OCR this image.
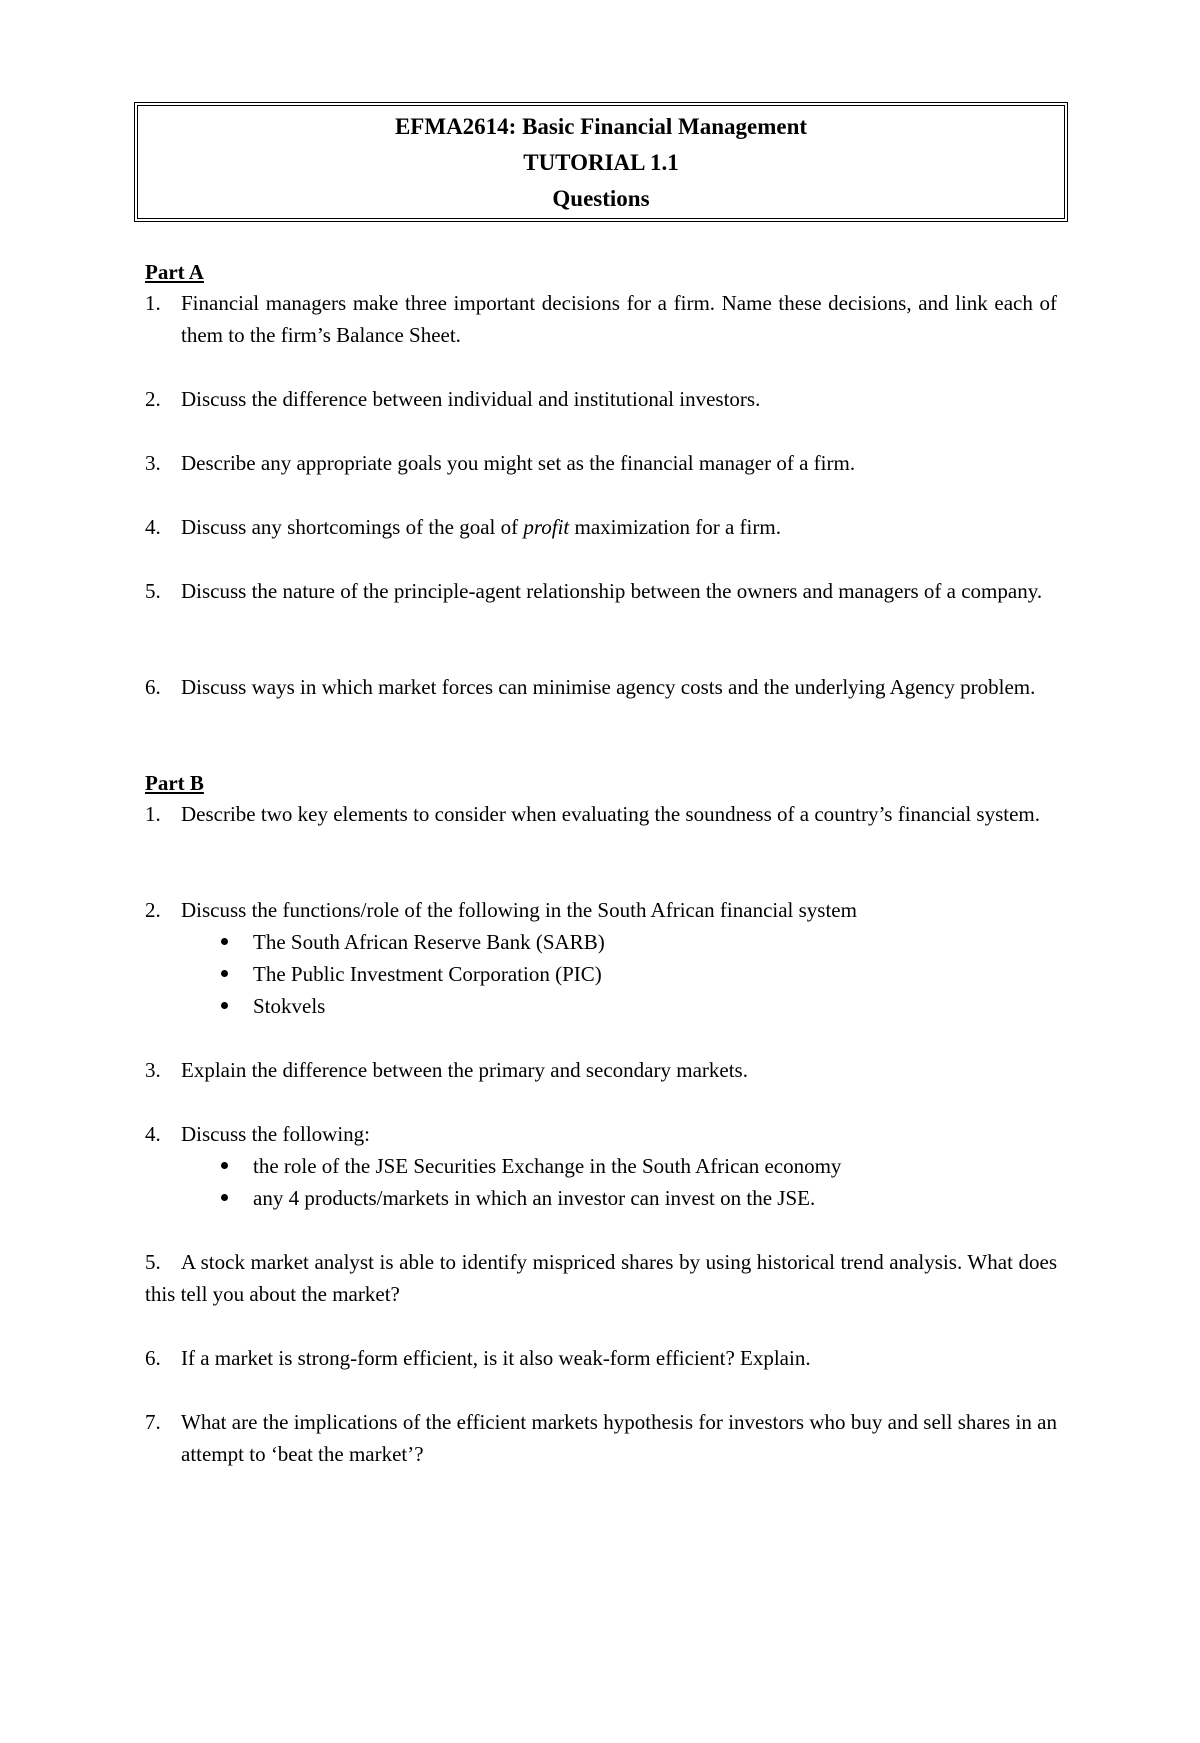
EFMA2614: Basic Financial Management
TUTORIAL 1.1
Questions
Part A
1. Financial managers make three important decisions for a firm. Name these decisions, and link each of them to the firm’s Balance Sheet.
2. Discuss the difference between individual and institutional investors.
3. Describe any appropriate goals you might set as the financial manager of a firm.
4. Discuss any shortcomings of the goal of profit maximization for a firm.
5. Discuss the nature of the principle-agent relationship between the owners and managers of a company.
6. Discuss ways in which market forces can minimise agency costs and the underlying Agency problem.
Part B
1. Describe two key elements to consider when evaluating the soundness of a country’s financial system.
2. Discuss the functions/role of the following in the South African financial system
The South African Reserve Bank (SARB)
The Public Investment Corporation (PIC)
Stokvels
3. Explain the difference between the primary and secondary markets.
4. Discuss the following:
the role of the JSE Securities Exchange in the South African economy
any 4 products/markets in which an investor can invest on the JSE.
5. A stock market analyst is able to identify mispriced shares by using historical trend analysis. What does this tell you about the market?
6. If a market is strong-form efficient, is it also weak-form efficient? Explain.
7. What are the implications of the efficient markets hypothesis for investors who buy and sell shares in an attempt to ‘beat the market’?
